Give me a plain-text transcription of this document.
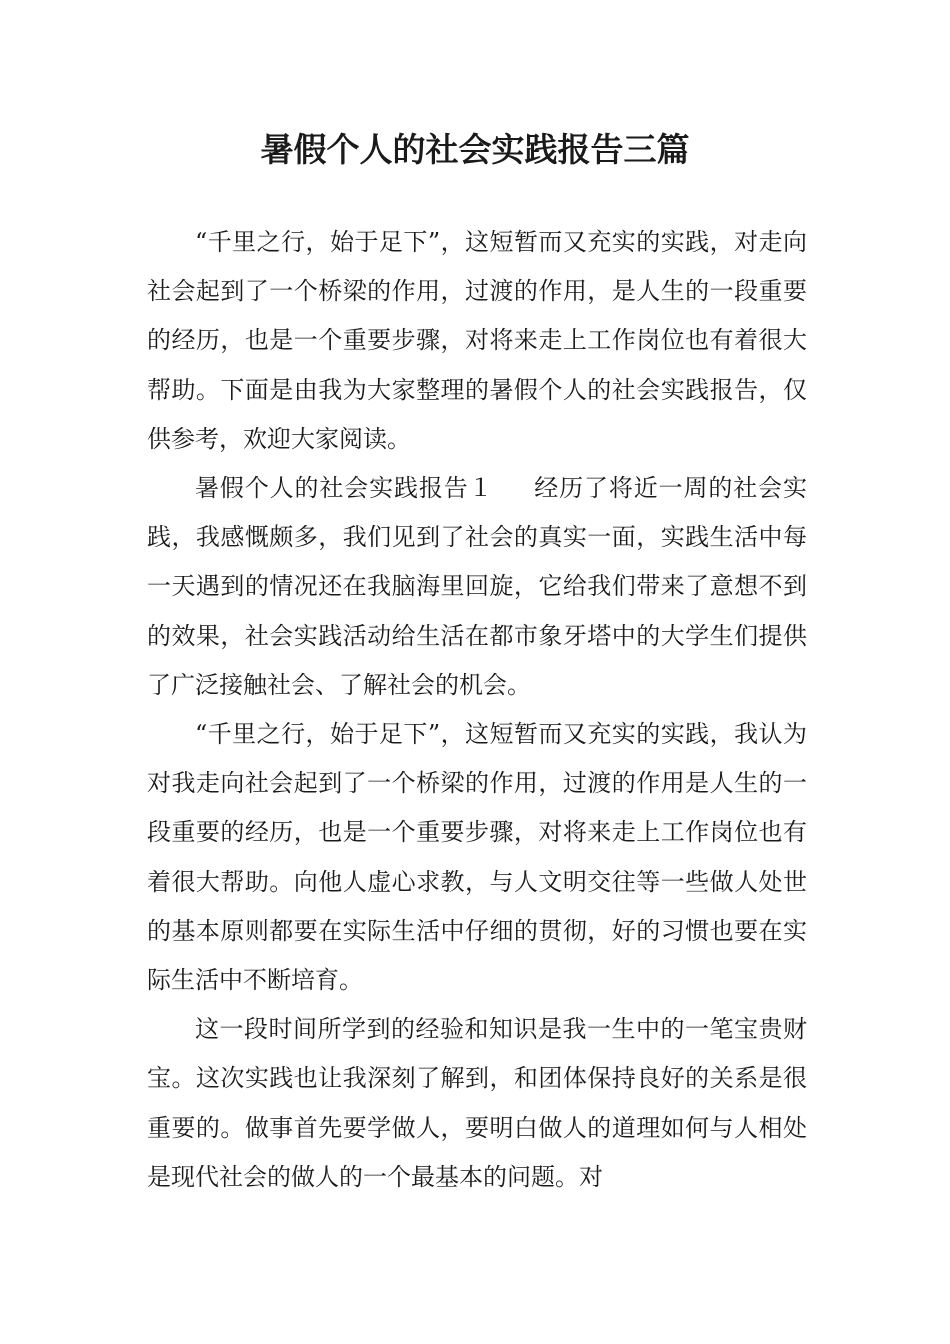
暑假个人的社会实践报告三篇

“千里之行，始于足下”，这短暂而又充实的实践，对走向社会起到了一个桥梁的作用，过渡的作用，是人生的一段重要的经历，也是一个重要步骤，对将来走上工作岗位也有着很大帮助。下面是由我为大家整理的暑假个人的社会实践报告，仅供参考，欢迎大家阅读。

暑假个人的社会实践报告１ 经历了将近一周的社会实践，我感慨颇多，我们见到了社会的真实一面，实践生活中每一天遇到的情况还在我脑海里回旋，它给我们带来了意想不到的效果，社会实践活动给生活在都市象牙塔中的大学生们提供了广泛接触社会、了解社会的机会。

“千里之行，始于足下”，这短暂而又充实的实践，我认为对我走向社会起到了一个桥梁的作用，过渡的作用是人生的一段重要的经历，也是一个重要步骤，对将来走上工作岗位也有着很大帮助。向他人虚心求教，与人文明交往等一些做人处世的基本原则都要在实际生活中仔细的贯彻，好的习惯也要在实际生活中不断培育。

这一段时间所学到的经验和知识是我一生中的一笔宝贵财宝。这次实践也让我深刻了解到，和团体保持良好的关系是很重要的。做事首先要学做人，要明白做人的道理如何与人相处是现代社会的做人的一个最基本的问题。对
